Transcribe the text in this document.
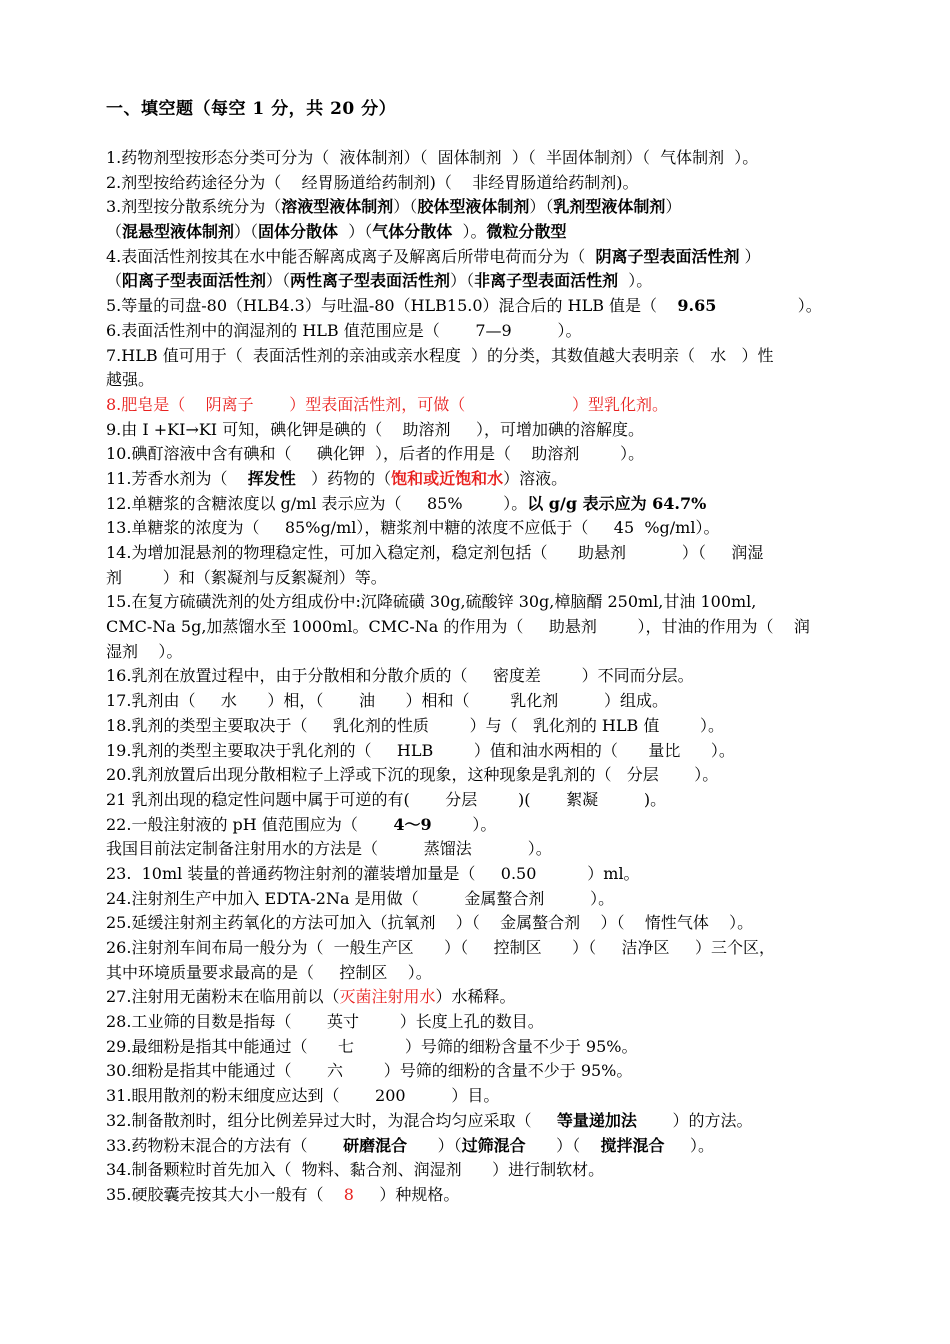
一、填空题（每空 1 分，共 20 分）
1.药物剂型按形态分类可分为（  液体制剂）（  固体制剂  ）（  半固体制剂）（  气体制剂  ）。
2.剂型按给药途径分为（    经胃肠道给药制剂)（    非经胃肠道给药制剂)。
3.剂型按分散系统分为（溶液型液体制剂）（胶体型液体制剂）（乳剂型液体制剂）
（混悬型液体制剂）（固体分散体  ）（气体分散体  ）。微粒分散型
4.表面活性剂按其在水中能否解离成离子及解离后所带电荷而分为（  阴离子型表面活性剂 ）
（阳离子型表面活性剂）（两性离子型表面活性剂）（非离子型表面活性剂  ）。
5.等量的司盘-80（HLB4.3）与吐温-80（HLB15.0）混合后的 HLB 值是（    9.65                ）。
6.表面活性剂中的润湿剂的 HLB 值范围应是（       7—9         ）。
7.HLB 值可用于（  表面活性剂的亲油或亲水程度  ）的分类，其数值越大表明亲（   水   ）性
越强。
8.肥皂是（    阴离子       ）型表面活性剂，可做（                     ）型乳化剂。
9.由 I +KI→KI 可知，碘化钾是碘的（    助溶剂     ），可增加碘的溶解度。
10.碘酊溶液中含有碘和（     碘化钾  ），后者的作用是（    助溶剂        ）。
11.芳香水剂为（    挥发性   ）药物的（饱和或近饱和水）溶液。
12.单糖浆的含糖浓度以 g/ml 表示应为（     85%        ）。以 g/g 表示应为 64.7%
13.单糖浆的浓度为（     85%g/ml），糖浆剂中糖的浓度不应低于（     45  %g/ml）。
14.为增加混悬剂的物理稳定性，可加入稳定剂，稳定剂包括（      助悬剂           ）（     润湿
剂        ）和（絮凝剂与反絮凝剂）等。
15.在复方硫磺洗剂的处方组成份中:沉降硫磺 30g,硫酸锌 30g,樟脑醑 250ml,甘油 100ml,
CMC-Na 5g,加蒸馏水至 1000ml。CMC-Na 的作用为（     助悬剂        ），甘油的作用为（    润
湿剂    ）。
16.乳剂在放置过程中，由于分散相和分散介质的（     密度差        ）不同而分层。
17.乳剂由（     水      ）相，（       油      ）相和（        乳化剂         ）组成。
18.乳剂的类型主要取决于（     乳化剂的性质        ）与（   乳化剂的 HLB 值        ）。
19.乳剂的类型主要取决于乳化剂的（     HLB        ）值和油水两相的（      量比      ）。
20.乳剂放置后出现分散相粒子上浮或下沉的现象，这种现象是乳剂的（   分层       ）。
21 乳剂出现的稳定性问题中属于可逆的有(       分层        )(       絮凝         )。
22.一般注射液的 pH 值范围应为（       4～9        ）。
我国目前法定制备注射用水的方法是（         蒸馏法           ）。
23.  10ml 装量的普通药物注射剂的灌装增加量是（     0.50          ）ml。
24.注射剂生产中加入 EDTA-2Na 是用做（         金属螯合剂         ）。
25.延缓注射剂主药氧化的方法可加入（抗氧剂    ）（    金属螯合剂    ）（    惰性气体    ）。
26.注射剂车间布局一般分为（  一般生产区      ）（     控制区      ）（     洁净区     ）三个区，
其中环境质量要求最高的是（     控制区    ）。
27.注射用无菌粉末在临用前以（灭菌注射用水）水稀释。
28.工业筛的目数是指每（       英寸        ）长度上孔的数目。
29.最细粉是指其中能通过（      七          ）号筛的细粉含量不少于 95%。
30.细粉是指其中能通过（       六        ）号筛的细粉的含量不少于 95%。
31.眼用散剂的粉末细度应达到（       200         ）目。
32.制备散剂时，组分比例差异过大时，为混合均匀应采取（     等量递加法       ）的方法。
33.药物粉末混合的方法有（       研磨混合      ）（过筛混合      ）（    搅拌混合     ）。
34.制备颗粒时首先加入（  物料、黏合剂、润湿剂      ）进行制软材。
35.硬胶囊壳按其大小一般有（    8     ）种规格。
